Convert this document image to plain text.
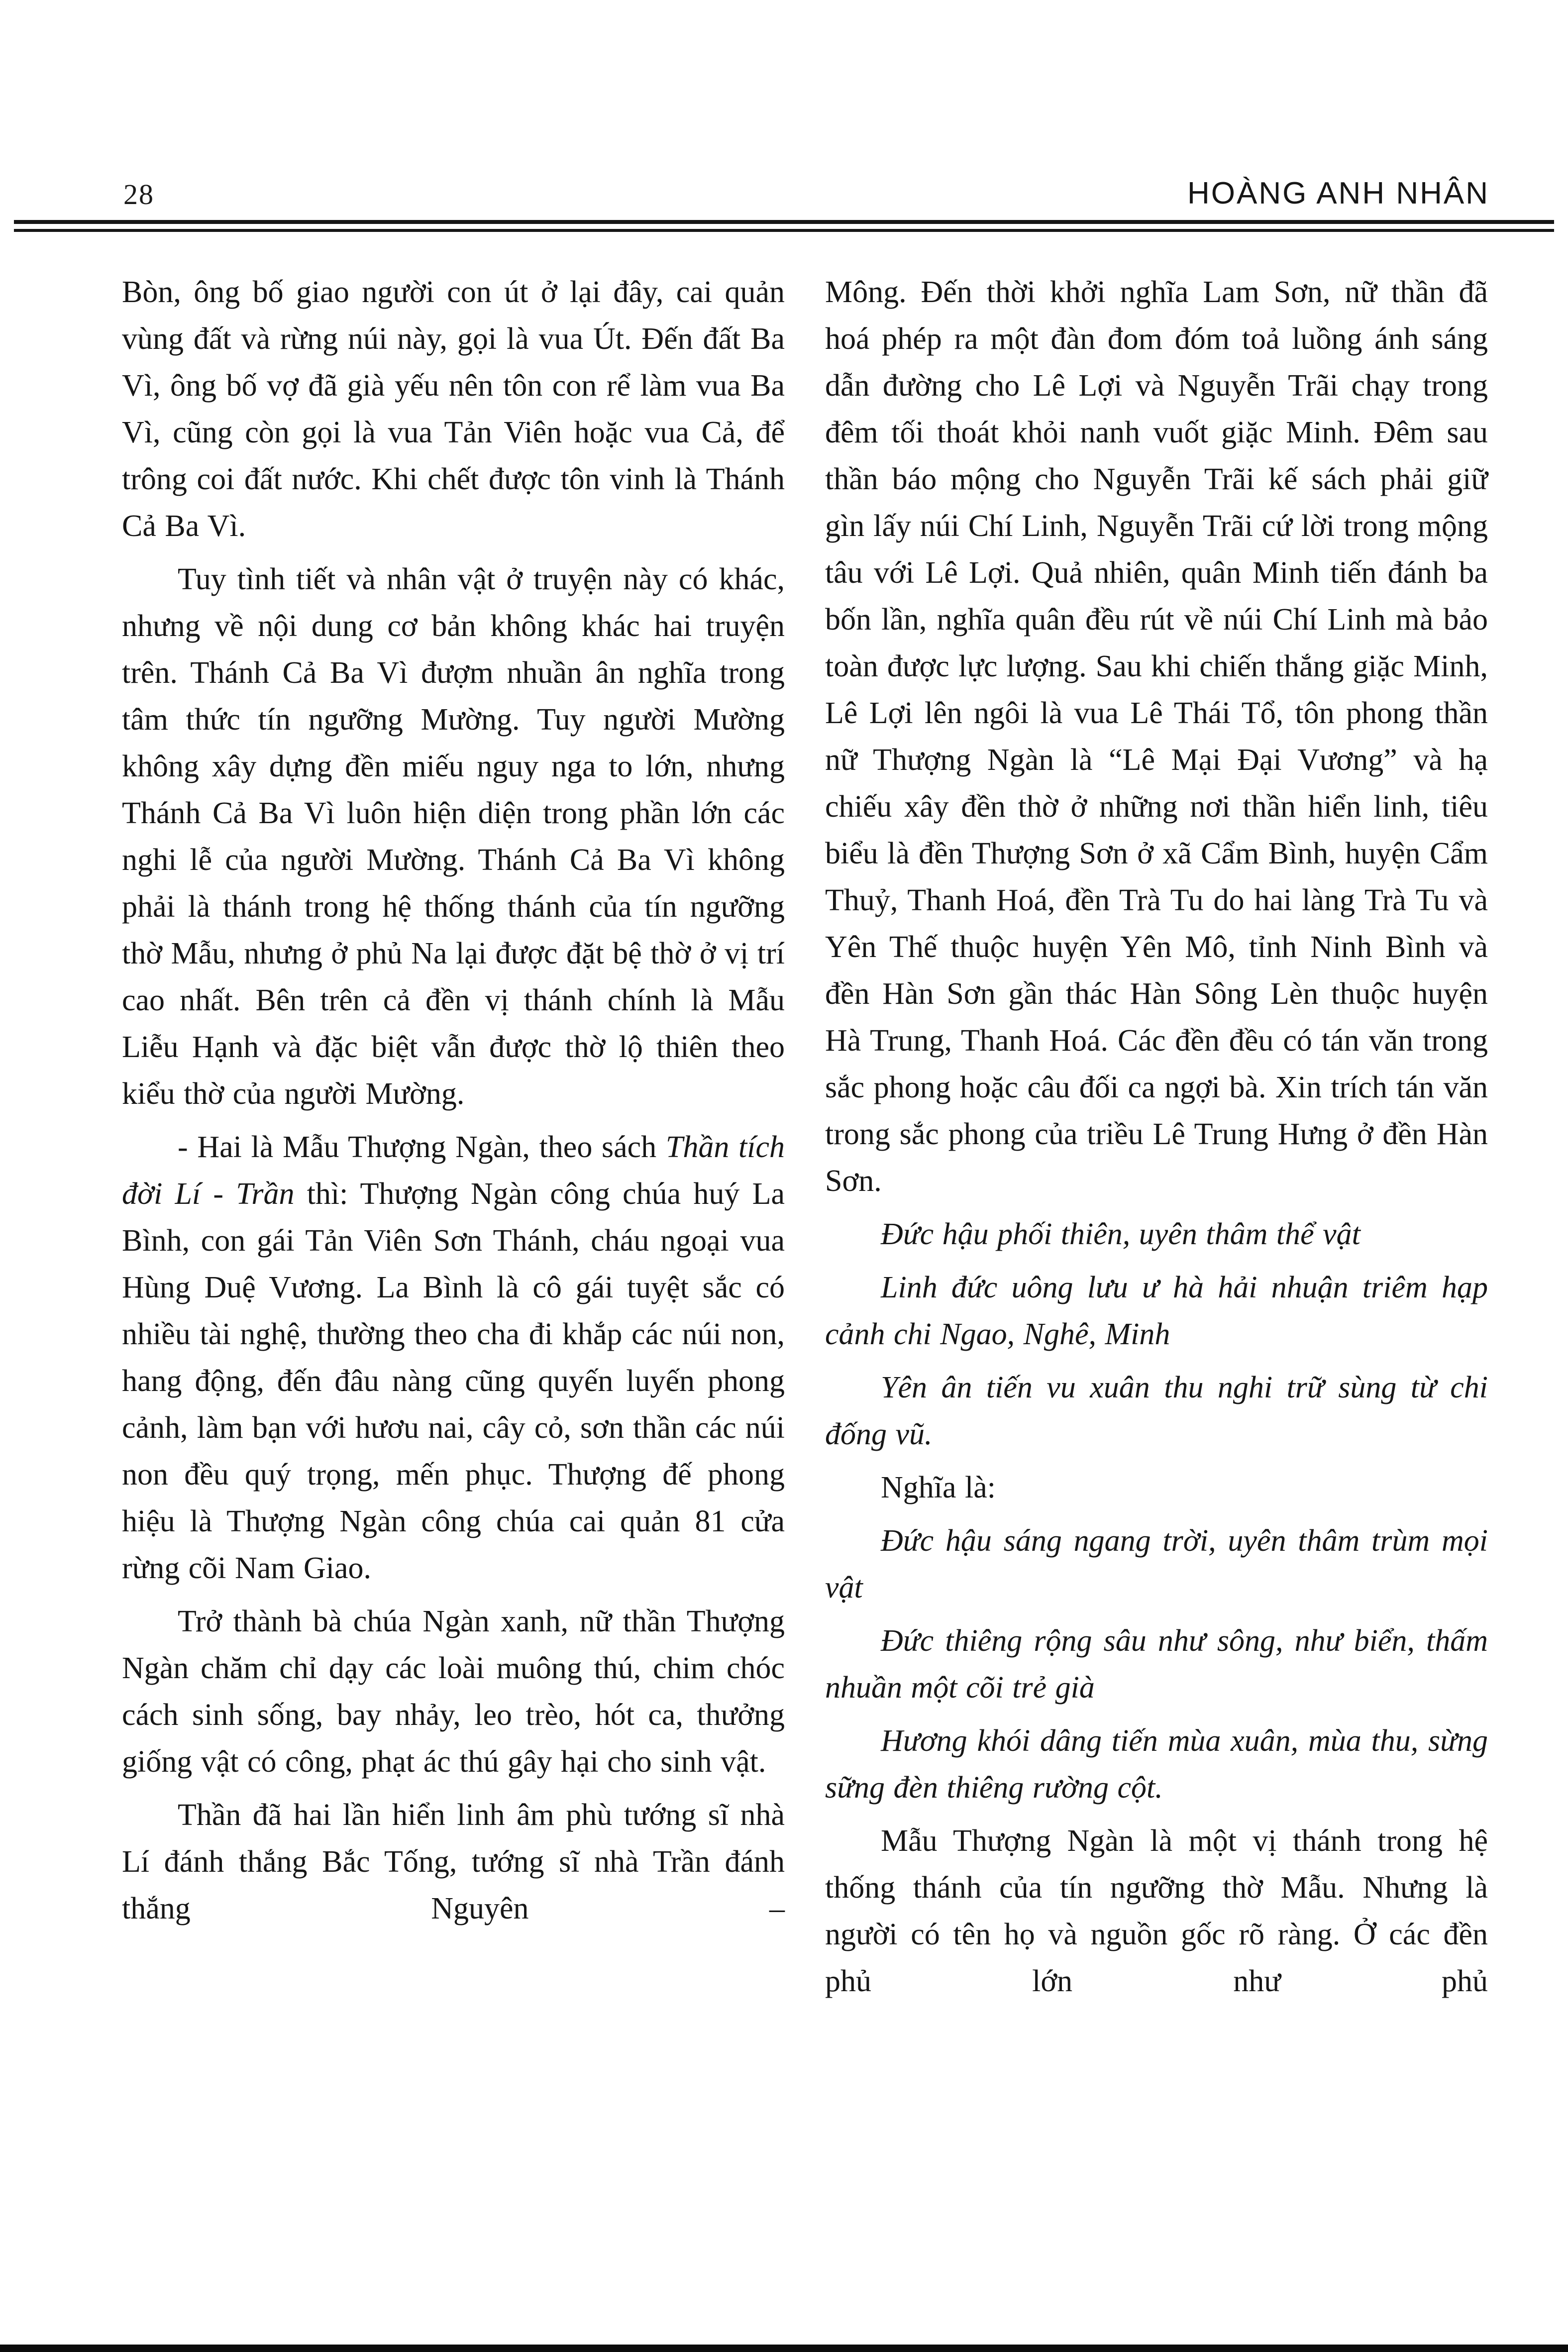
28	HOÀNG ANH NHÂN

Bòn, ông bố giao người con út ở lại đây, cai quản vùng đất và rừng núi này, gọi là vua Út. Đến đất Ba Vì, ông bố vợ đã già yếu nên tôn con rể làm vua Ba Vì, cũng còn gọi là vua Tản Viên hoặc vua Cả, để trông coi đất nước. Khi chết được tôn vinh là Thánh Cả Ba Vì.

Tuy tình tiết và nhân vật ở truyện này có khác, nhưng về nội dung cơ bản không khác hai truyện trên. Thánh Cả Ba Vì đượm nhuần ân nghĩa trong tâm thức tín ngưỡng Mường. Tuy người Mường không xây dựng đền miếu nguy nga to lớn, nhưng Thánh Cả Ba Vì luôn hiện diện trong phần lớn các nghi lễ của người Mường. Thánh Cả Ba Vì không phải là thánh trong hệ thống thánh của tín ngưỡng thờ Mẫu, nhưng ở phủ Na lại được đặt bệ thờ ở vị trí cao nhất. Bên trên cả đền vị thánh chính là Mẫu Liễu Hạnh và đặc biệt vẫn được thờ lộ thiên theo kiểu thờ của người Mường.

- Hai là Mẫu Thượng Ngàn, theo sách Thần tích đời Lí - Trần thì: Thượng Ngàn công chúa huý La Bình, con gái Tản Viên Sơn Thánh, cháu ngoại vua Hùng Duệ Vương. La Bình là cô gái tuyệt sắc có nhiều tài nghệ, thường theo cha đi khắp các núi non, hang động, đến đâu nàng cũng quyến luyến phong cảnh, làm bạn với hươu nai, cây cỏ, sơn thần các núi non đều quý trọng, mến phục. Thượng đế phong hiệu là Thượng Ngàn công chúa cai quản 81 cửa rừng cõi Nam Giao.

Trở thành bà chúa Ngàn xanh, nữ thần Thượng Ngàn chăm chỉ dạy các loài muông thú, chim chóc cách sinh sống, bay nhảy, leo trèo, hót ca, thưởng giống vật có công, phạt ác thú gây hại cho sinh vật.

Thần đã hai lần hiển linh âm phù tướng sĩ nhà Lí đánh thắng Bắc Tống, tướng sĩ nhà Trần đánh thắng Nguyên –

Mông. Đến thời khởi nghĩa Lam Sơn, nữ thần đã hoá phép ra một đàn đom đóm toả luồng ánh sáng dẫn đường cho Lê Lợi và Nguyễn Trãi chạy trong đêm tối thoát khỏi nanh vuốt giặc Minh. Đêm sau thần báo mộng cho Nguyễn Trãi kế sách phải giữ gìn lấy núi Chí Linh, Nguyễn Trãi cứ lời trong mộng tâu với Lê Lợi. Quả nhiên, quân Minh tiến đánh ba bốn lần, nghĩa quân đều rút về núi Chí Linh mà bảo toàn được lực lượng. Sau khi chiến thắng giặc Minh, Lê Lợi lên ngôi là vua Lê Thái Tổ, tôn phong thần nữ Thượng Ngàn là “Lê Mại Đại Vương” và hạ chiếu xây đền thờ ở những nơi thần hiển linh, tiêu biểu là đền Thượng Sơn ở xã Cẩm Bình, huyện Cẩm Thuỷ, Thanh Hoá, đền Trà Tu do hai làng Trà Tu và Yên Thế thuộc huyện Yên Mô, tỉnh Ninh Bình và đền Hàn Sơn gần thác Hàn Sông Lèn thuộc huyện Hà Trung, Thanh Hoá. Các đền đều có tán văn trong sắc phong hoặc câu đối ca ngợi bà. Xin trích tán văn trong sắc phong của triều Lê Trung Hưng ở đền Hàn Sơn.

Đức hậu phối thiên, uyên thâm thể vật

Linh đức uông lưu ư hà hải nhuận triêm hạp cảnh chi Ngao, Nghê, Minh

Yên ân tiến vu xuân thu nghi trữ sùng từ chi đống vũ.

Nghĩa là:

Đức hậu sáng ngang trời, uyên thâm trùm mọi vật

Đức thiêng rộng sâu như sông, như biển, thấm nhuần một cõi trẻ già

Hương khói dâng tiến mùa xuân, mùa thu, sừng sững đèn thiêng rường cột.

Mẫu Thượng Ngàn là một vị thánh trong hệ thống thánh của tín ngưỡng thờ Mẫu. Nhưng là người có tên họ và nguồn gốc rõ ràng. Ở các đền phủ lớn như phủ
